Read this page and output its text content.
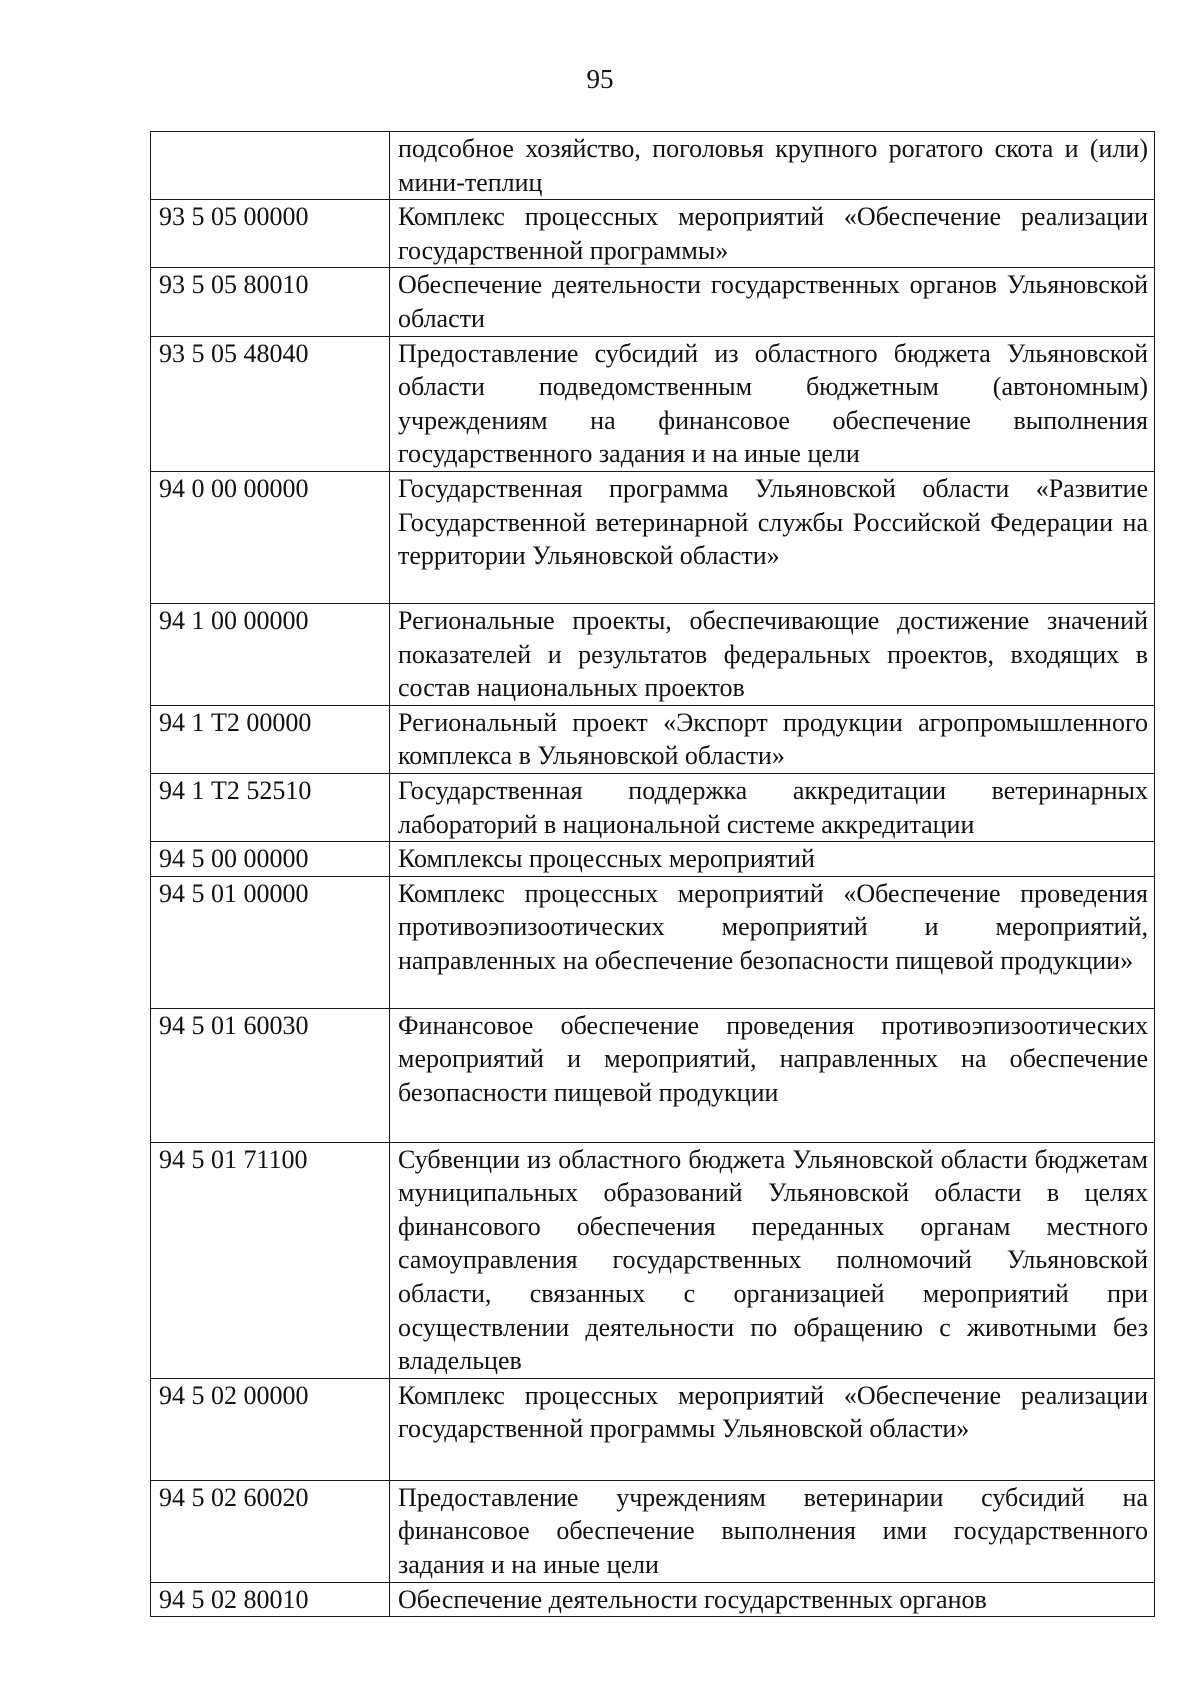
95
	подсобное хозяйство, поголовья крупного рогатого скота и (или) мини-теплиц
93 5 05 00000	Комплекс процессных мероприятий «Обеспечение реализации государственной программы»
93 5 05 80010	Обеспечение деятельности государственных органов Ульяновской области
93 5 05 48040	Предоставление субсидий из областного бюджета Ульяновской области подведомственным бюджетным (автономным) учреждениям на финансовое обеспечение выполнения государственного задания и на иные цели
94 0 00 00000	Государственная программа Ульяновской области «Развитие Государственной ветеринарной службы Российской Федерации на территории Ульяновской области»
94 1 00 00000	Региональные проекты, обеспечивающие достижение значений показателей и результатов федеральных проектов, входящих в состав национальных проектов
94 1 Т2 00000	Региональный проект «Экспорт продукции агропромышленного комплекса в Ульяновской области»
94 1 Т2 52510	Государственная поддержка аккредитации ветеринарных лабораторий в национальной системе аккредитации
94 5 00 00000	Комплексы процессных мероприятий
94 5 01 00000	Комплекс процессных мероприятий «Обеспечение проведения противоэпизоотических мероприятий и мероприятий, направленных на обеспечение безопасности пищевой продукции»
94 5 01 60030	Финансовое обеспечение проведения противоэпизоотических мероприятий и мероприятий, направленных на обеспечение безопасности пищевой продукции
94 5 01 71100	Субвенции из областного бюджета Ульяновской области бюджетам муниципальных образований Ульяновской области в целях финансового обеспечения переданных органам местного самоуправления государственных полномочий Ульяновской области, связанных с организацией мероприятий при осуществлении деятельности по обращению с животными без владельцев
94 5 02 00000	Комплекс процессных мероприятий «Обеспечение реализации государственной программы Ульяновской области»
94 5 02 60020	Предоставление учреждениям ветеринарии субсидий на финансовое обеспечение выполнения ими государственного задания и на иные цели
94 5 02 80010	Обеспечение деятельности государственных органов
